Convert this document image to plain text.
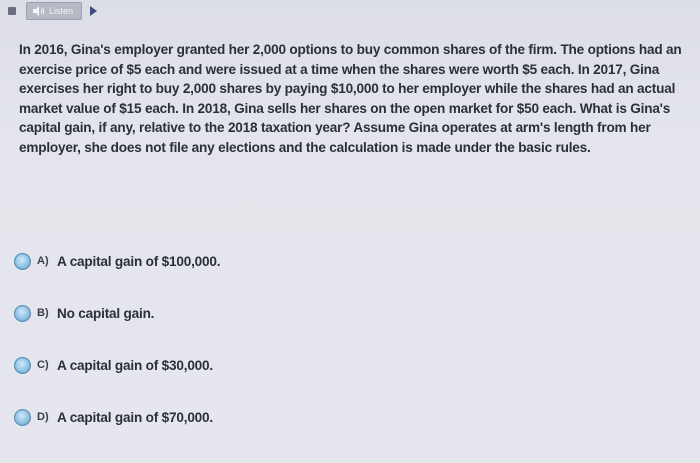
Listen
In 2016, Gina's employer granted her 2,000 options to buy common shares of the firm. The options had an exercise price of $5 each and were issued at a time when the shares were worth $5 each. In 2017, Gina exercises her right to buy 2,000 shares by paying $10,000 to her employer while the shares had an actual market value of $15 each. In 2018, Gina sells her shares on the open market for $50 each. What is Gina's capital gain, if any, relative to the 2018 taxation year? Assume Gina operates at arm's length from her employer, she does not file any elections and the calculation is made under the basic rules.
A) A capital gain of $100,000.
B) No capital gain.
C) A capital gain of $30,000.
D) A capital gain of $70,000.
